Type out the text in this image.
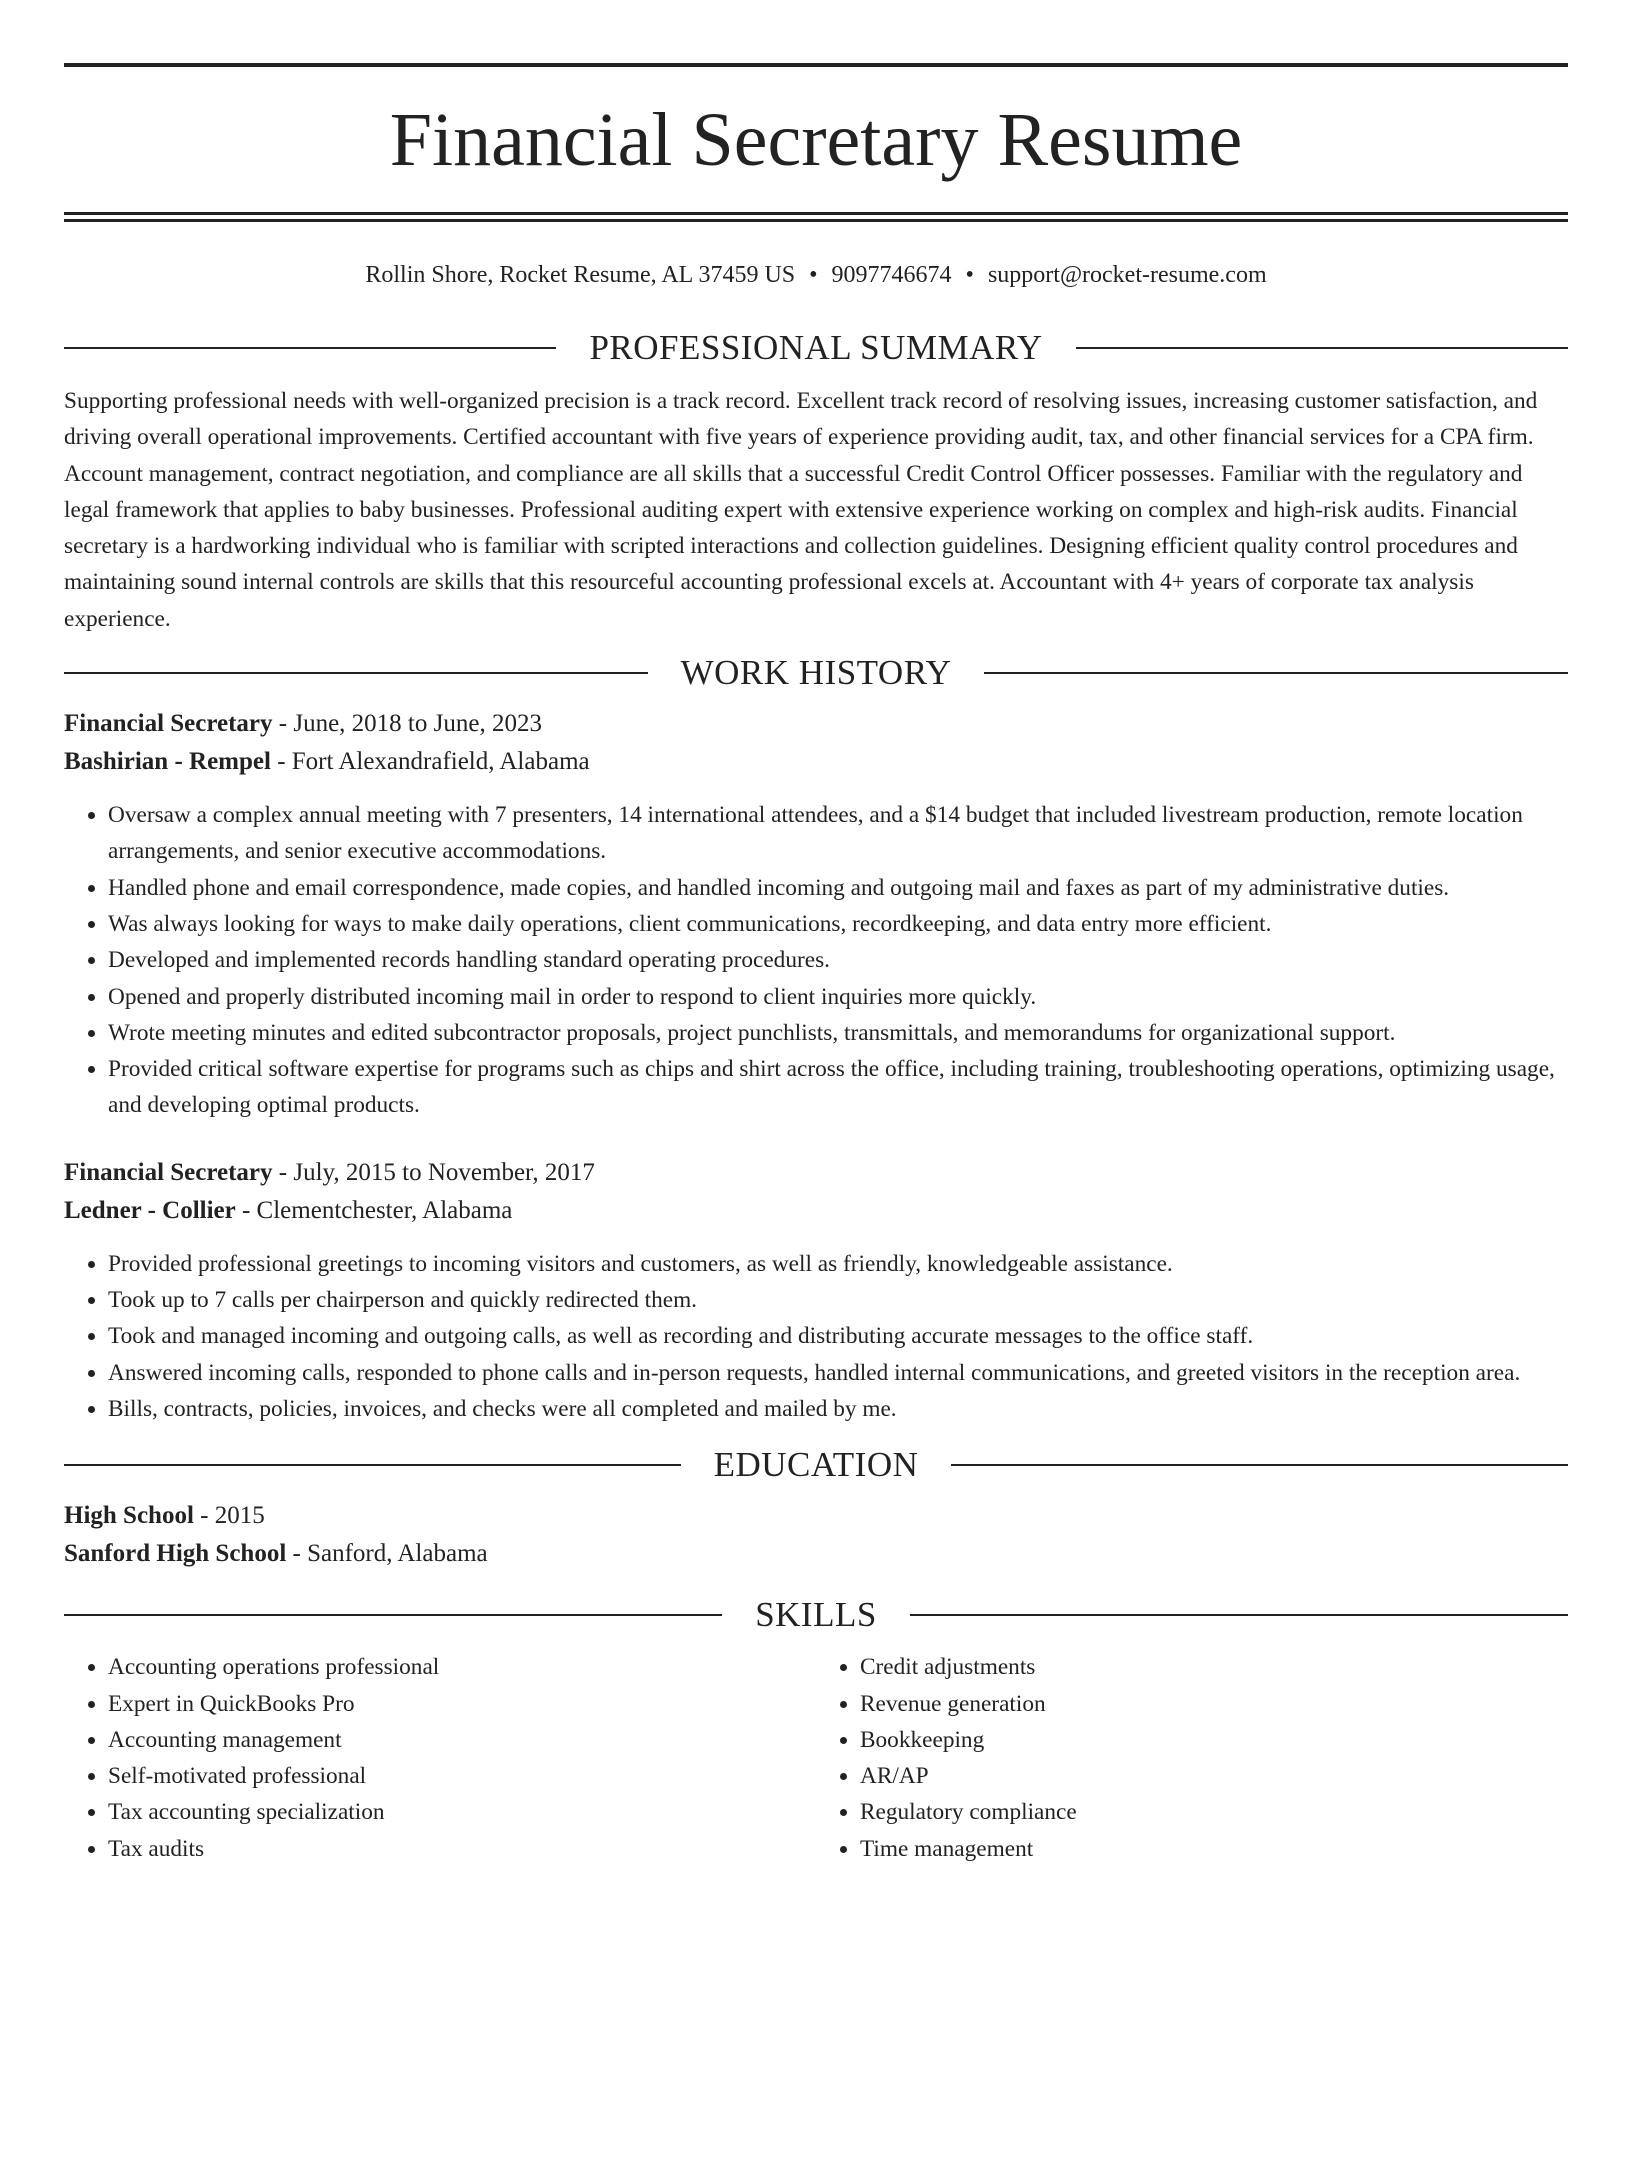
Financial Secretary Resume
Rollin Shore, Rocket Resume, AL 37459 US • 9097746674 • support@rocket-resume.com
PROFESSIONAL SUMMARY

Supporting professional needs with well-organized precision is a track record. Excellent track record of resolving issues, increasing customer satisfaction, and driving overall operational improvements. Certified accountant with five years of experience providing audit, tax, and other financial services for a CPA firm. Account management, contract negotiation, and compliance are all skills that a successful Credit Control Officer possesses. Familiar with the regulatory and legal framework that applies to baby businesses. Professional auditing expert with extensive experience working on complex and high-risk audits. Financial secretary is a hardworking individual who is familiar with scripted interactions and collection guidelines. Designing efficient quality control procedures and maintaining sound internal controls are skills that this resourceful accounting professional excels at. Accountant with 4+ years of corporate tax analysis experience.

WORK HISTORY

Financial Secretary - June, 2018 to June, 2023

Bashirian - Rempel - Fort Alexandrafield, Alabama

• Oversaw a complex annual meeting with 7 presenters, 14 international attendees, and a $14 budget that included livestream production, remote location arrangements, and senior executive accommodations.
• Handled phone and email correspondence, made copies, and handled incoming and outgoing mail and faxes as part of my administrative duties.
• Was always looking for ways to make daily operations, client communications, recordkeeping, and data entry more efficient.
• Developed and implemented records handling standard operating procedures.
• Opened and properly distributed incoming mail in order to respond to client inquiries more quickly.
• Wrote meeting minutes and edited subcontractor proposals, project punchlists, transmittals, and memorandums for organizational support.
• Provided critical software expertise for programs such as chips and shirt across the office, including training, troubleshooting operations, optimizing usage, and developing optimal products.

Financial Secretary - July, 2015 to November, 2017

Ledner - Collier - Clementchester, Alabama

• Provided professional greetings to incoming visitors and customers, as well as friendly, knowledgeable assistance.
• Took up to 7 calls per chairperson and quickly redirected them.
• Took and managed incoming and outgoing calls, as well as recording and distributing accurate messages to the office staff.
• Answered incoming calls, responded to phone calls and in-person requests, handled internal communications, and greeted visitors in the reception area.
• Bills, contracts, policies, invoices, and checks were all completed and mailed by me.
EDUCATION

High School - 2015

Sanford High School - Sanford, Alabama

SKILLS
• Accounting operations professional
• Expert in QuickBooks Pro
• Accounting management
• Self-motivated professional
• Tax accounting specialization
• Tax audits
• Credit adjustments
• Revenue generation
• Bookkeeping
• AR/AP
• Regulatory compliance
• Time management
